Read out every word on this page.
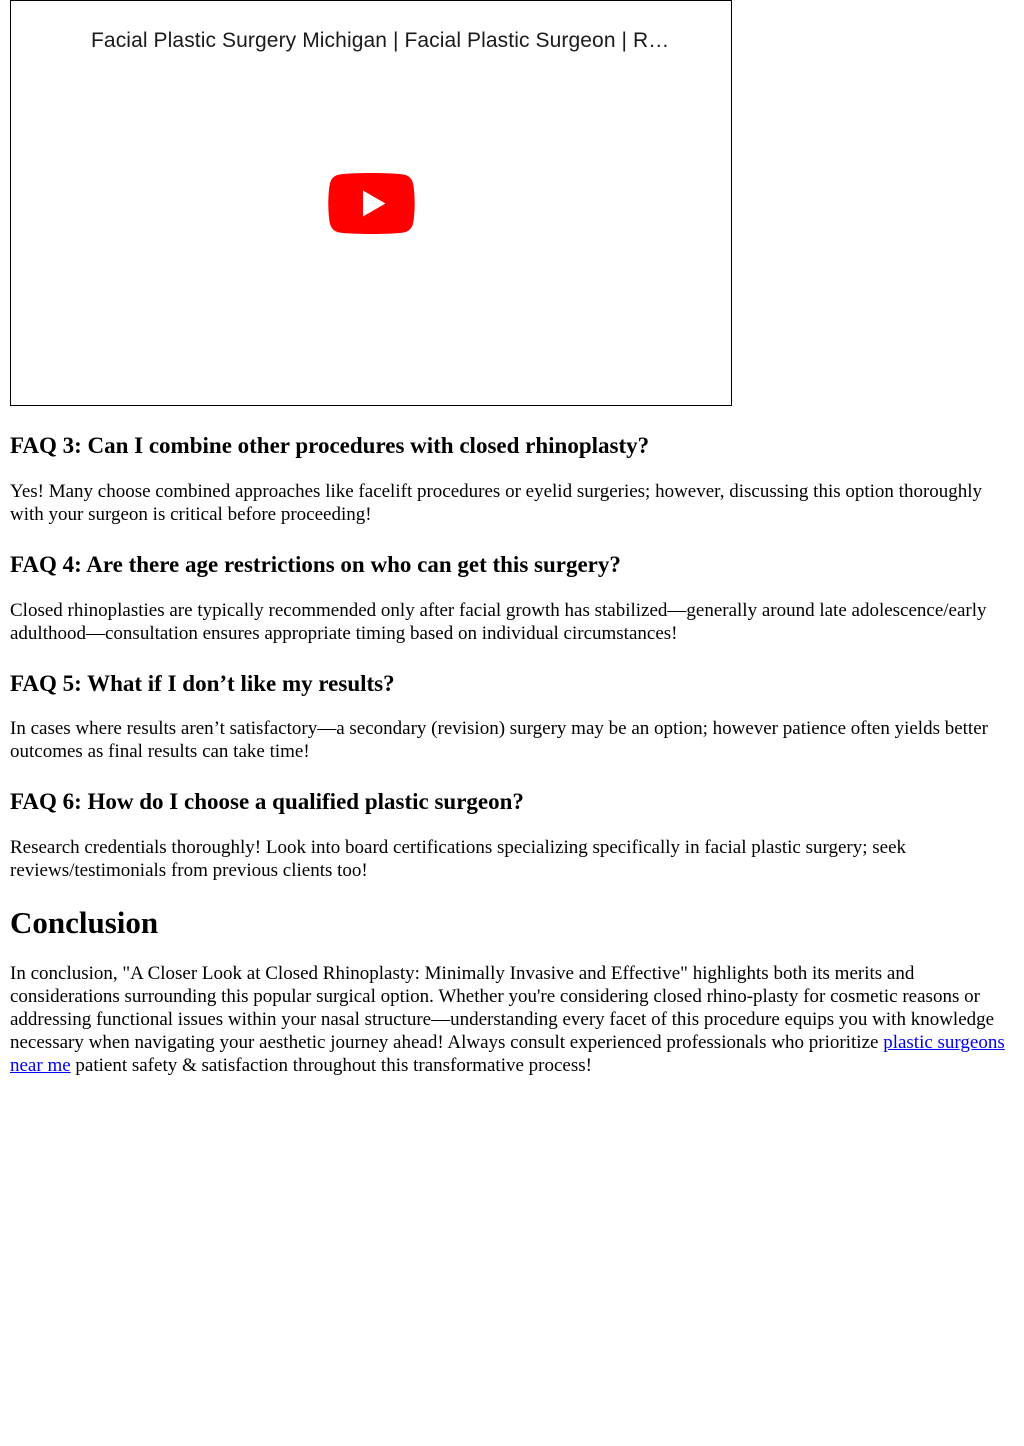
Facial Plastic Surgery Michigan | Facial Plastic Surgeon | R…
FAQ 3: Can I combine other procedures with closed rhinoplasty?

Yes! Many choose combined approaches like facelift procedures or eyelid surgeries; however, discussing this option thoroughly with your surgeon is critical before proceeding!

FAQ 4: Are there age restrictions on who can get this surgery?

Closed rhinoplasties are typically recommended only after facial growth has stabilized—generally around late adolescence/early adulthood—consultation ensures appropriate timing based on individual circumstances!

FAQ 5: What if I don’t like my results?

In cases where results aren’t satisfactory—a secondary (revision) surgery may be an option; however patience often yields better outcomes as final results can take time!

FAQ 6: How do I choose a qualified plastic surgeon?

Research credentials thoroughly! Look into board certifications specializing specifically in facial plastic surgery; seek reviews/testimonials from previous clients too!

Conclusion

In conclusion, "A Closer Look at Closed Rhinoplasty: Minimally Invasive and Effective" highlights both its merits and considerations surrounding this popular surgical option. Whether you're considering closed rhino-plasty for cosmetic reasons or addressing functional issues within your nasal structure—understanding every facet of this procedure equips you with knowledge necessary when navigating your aesthetic journey ahead! Always consult experienced professionals who prioritize plastic surgeons near me patient safety & satisfaction throughout this transformative process!
